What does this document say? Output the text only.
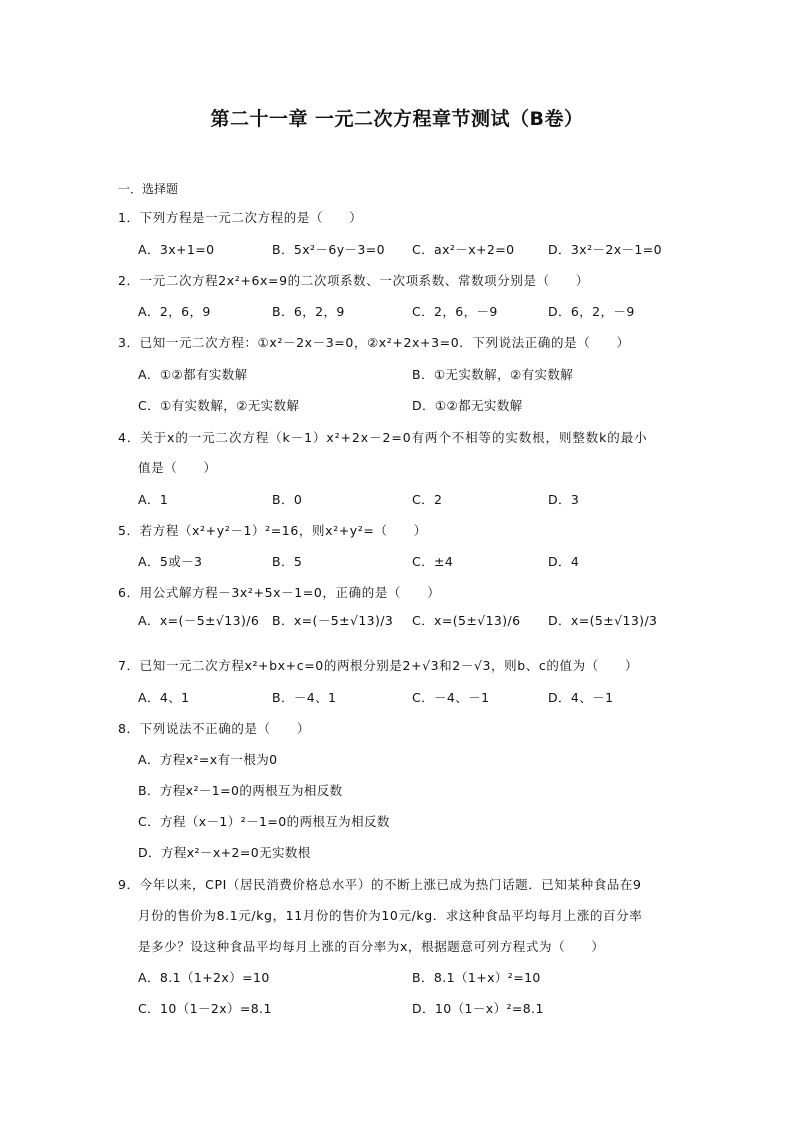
第二十一章 一元二次方程章节测试（B卷）
一．选择题
1．下列方程是一元二次方程的是（　　）
A．3x+1=0	B．5x²－6y－3=0 C．ax²－x+2=0	D．3x²－2x－1=0
2．一元二次方程2x²+6x=9的二次项系数、一次项系数、常数项分别是（　　）
A．2，6，9	B．6，2，9	C．2，6，－9	D．6，2，－9
3．已知一元二次方程：①x²－2x－3=0，②x²+2x+3=0．下列说法正确的是（　　）
A．①②都有实数解	B．①无实数解，②有实数解
C．①有实数解，②无实数解	D．①②都无实数解
4．关于x的一元二次方程（k－1）x²+2x－2=0有两个不相等的实数根，则整数k的最小
值是（　　）
A．1	B．0	C．2	D．3
5．若方程（x²+y²－1）²=16，则x²+y²=（　　）
A．5或－3	B．5	C．±4	D．4
6．用公式解方程－3x²+5x－1=0，正确的是（　　）
A．x=(－5±√13)/6 B．x=(－5±√13)/3 C．x=(5±√13)/6 D．x=(5±√13)/3
7．已知一元二次方程x²+bx+c=0的两根分别是2+√3和2－√3，则b、c的值为（　　）
A．4、1	B．－4、1	C．－4、－1	D．4、－1
8．下列说法不正确的是（　　）
A．方程x²=x有一根为0
B．方程x²－1=0的两根互为相反数
C．方程（x－1）²－1=0的两根互为相反数
D．方程x²－x+2=0无实数根
9．今年以来，CPI（居民消费价格总水平）的不断上涨已成为热门话题．已知某种食品在9
月份的售价为8.1元/kg，11月份的售价为10元/kg．求这种食品平均每月上涨的百分率
是多少？设这种食品平均每月上涨的百分率为x，根据题意可列方程式为（　　）
A．8.1（1+2x）=10	B．8.1（1+x）²=10
C．10（1－2x）=8.1	D．10（1－x）²=8.1
